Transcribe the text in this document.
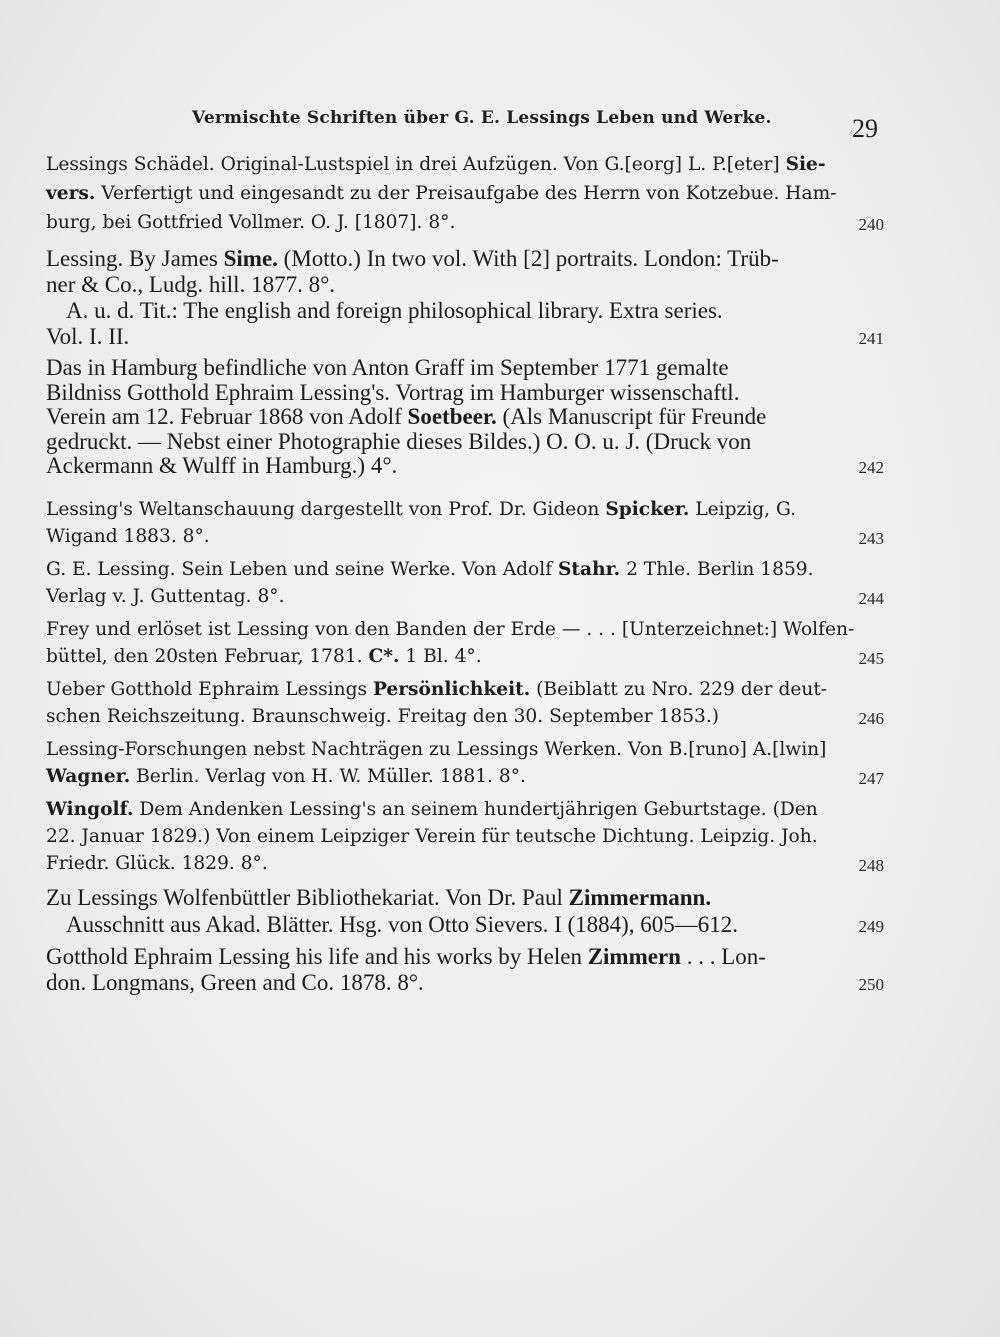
Vermischte Schriften über G. E. Lessings Leben und Werke.	29
Lessings Schädel. Original-Lustspiel in drei Aufzügen. Von G.[eorg] L. P.[eter] Sie-
vers. Verfertigt und eingesandt zu der Preisaufgabe des Herrn von Kotzebue. Ham-
burg, bei Gottfried Vollmer. O. J. [1807]. 8°.	240
Lessing. By James Sime. (Motto.) In two vol. With [2] portraits. London: Trüb-
ner & Co., Ludg. hill. 1877. 8°.
A. u. d. Tit.: The english and foreign philosophical library. Extra series.
Vol. I. II.	241
Das in Hamburg befindliche von Anton Graff im September 1771 gemalte
Bildniss Gotthold Ephraim Lessing's. Vortrag im Hamburger wissenschaftl.
Verein am 12. Februar 1868 von Adolf Soetbeer. (Als Manuscript für Freunde
gedruckt. — Nebst einer Photographie dieses Bildes.) O. O. u. J. (Druck von
Ackermann & Wulff in Hamburg.) 4°.	242
Lessing's Weltanschauung dargestellt von Prof. Dr. Gideon Spicker. Leipzig, G.
Wigand 1883. 8°.	243
G. E. Lessing. Sein Leben und seine Werke. Von Adolf Stahr. 2 Thle. Berlin 1859.
Verlag v. J. Guttentag. 8°.	244
Frey und erlöset ist Lessing von den Banden der Erde — . . . [Unterzeichnet:] Wolfen-
büttel, den 20sten Februar, 1781. C*. 1 Bl. 4°.	245
Ueber Gotthold Ephraim Lessings Persönlichkeit. (Beiblatt zu Nro. 229 der deut-
schen Reichszeitung. Braunschweig. Freitag den 30. September 1853.)	246
Lessing-Forschungen nebst Nachträgen zu Lessings Werken. Von B.[runo] A.[lwin]
Wagner. Berlin. Verlag von H. W. Müller. 1881. 8°.	247
Wingolf. Dem Andenken Lessing's an seinem hundertjährigen Geburtstage. (Den
22. Januar 1829.) Von einem Leipziger Verein für teutsche Dichtung. Leipzig. Joh.
Friedr. Glück. 1829. 8°.	248
Zu Lessings Wolfenbüttler Bibliothekariat. Von Dr. Paul Zimmermann.
Ausschnitt aus Akad. Blätter. Hsg. von Otto Sievers. I (1884), 605—612.	249
Gotthold Ephraim Lessing his life and his works by Helen Zimmern . . . Lon-
don. Longmans, Green and Co. 1878. 8°.	250
